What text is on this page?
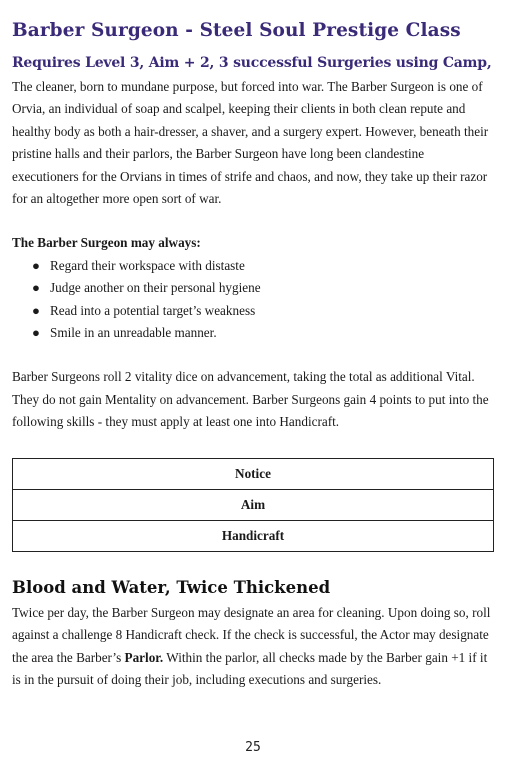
Barber Surgeon - Steel Soul Prestige Class
Requires Level 3, Aim + 2, 3 successful Surgeries using Camp,

The cleaner, born to mundane purpose, but forced into war. The Barber Surgeon is one of Orvia, an individual of soap and scalpel, keeping their clients in both clean repute and healthy body as both a hair-dresser, a shaver, and a surgery expert. However, beneath their pristine halls and their parlors, the Barber Surgeon have long been clandestine executioners for the Orvians in times of strife and chaos, and now, they take up their razor for an altogether more open sort of war.

The Barber Surgeon may always:
● Regard their workspace with distaste
● Judge another on their personal hygiene
● Read into a potential target’s weakness
● Smile in an unreadable manner.

Barber Surgeons roll 2 vitality dice on advancement, taking the total as additional Vital. They do not gain Mentality on advancement. Barber Surgeons gain 4 points to put into the following skills - they must apply at least one into Handicraft.

Notice
Aim
Handicraft
Blood and Water, Twice Thickened

Twice per day, the Barber Surgeon may designate an area for cleaning. Upon doing so, roll against a challenge 8 Handicraft check. If the check is successful, the Actor may designate the area the Barber’s Parlor. Within the parlor, all checks made by the Barber gain +1 if it is in the pursuit of doing their job, including executions and surgeries.

25
